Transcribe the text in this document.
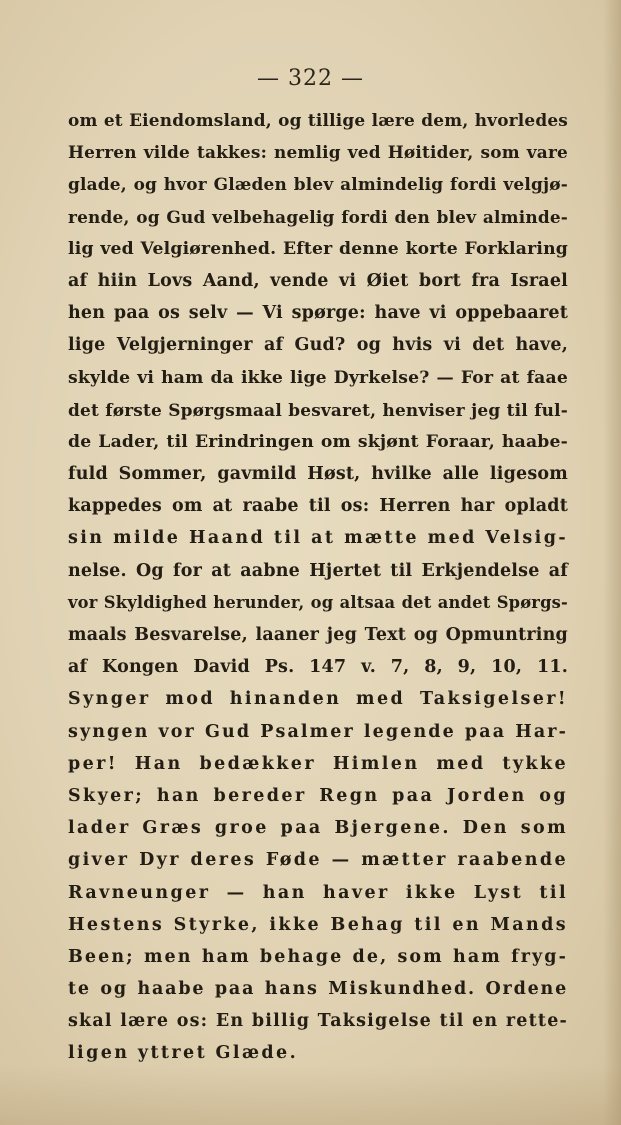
— 322 —
om et Eiendomsland, og tillige lære dem, hvorledes
Herren vilde takkes: nemlig ved Høitider, som vare
glade, og hvor Glæden blev almindelig fordi velgjø-
rende, og Gud velbehagelig fordi den blev alminde-
lig ved Velgiørenhed. Efter denne korte Forklaring
af hiin Lovs Aand, vende vi Øiet bort fra Israel
hen paa os selv — Vi spørge: have vi oppebaaret
lige Velgjerninger af Gud? og hvis vi det have,
skylde vi ham da ikke lige Dyrkelse? — For at faae
det første Spørgsmaal besvaret, henviser jeg til ful-
de Lader, til Erindringen om skjønt Foraar, haabe-
fuld Sommer, gavmild Høst, hvilke alle ligesom
kappedes om at raabe til os: Herren har opladt
sin milde Haand til at mætte med Velsig-
nelse. Og for at aabne Hjertet til Erkjendelse af
vor Skyldighed herunder, og altsaa det andet Spørgs-
maals Besvarelse, laaner jeg Text og Opmuntring
af Kongen David Ps. 147 v. 7, 8, 9, 10, 11.
Synger mod hinanden med Taksigelser!
syngen vor Gud Psalmer legende paa Har-
per! Han bedækker Himlen med tykke
Skyer; han bereder Regn paa Jorden og
lader Græs groe paa Bjergene. Den som
giver Dyr deres Føde — mætter raabende
Ravneunger — han haver ikke Lyst til
Hestens Styrke, ikke Behag til en Mands
Been; men ham behage de, som ham fryg-
te og haabe paa hans Miskundhed. Ordene
skal lære os: En billig Taksigelse til en rette-
ligen yttret Glæde.
